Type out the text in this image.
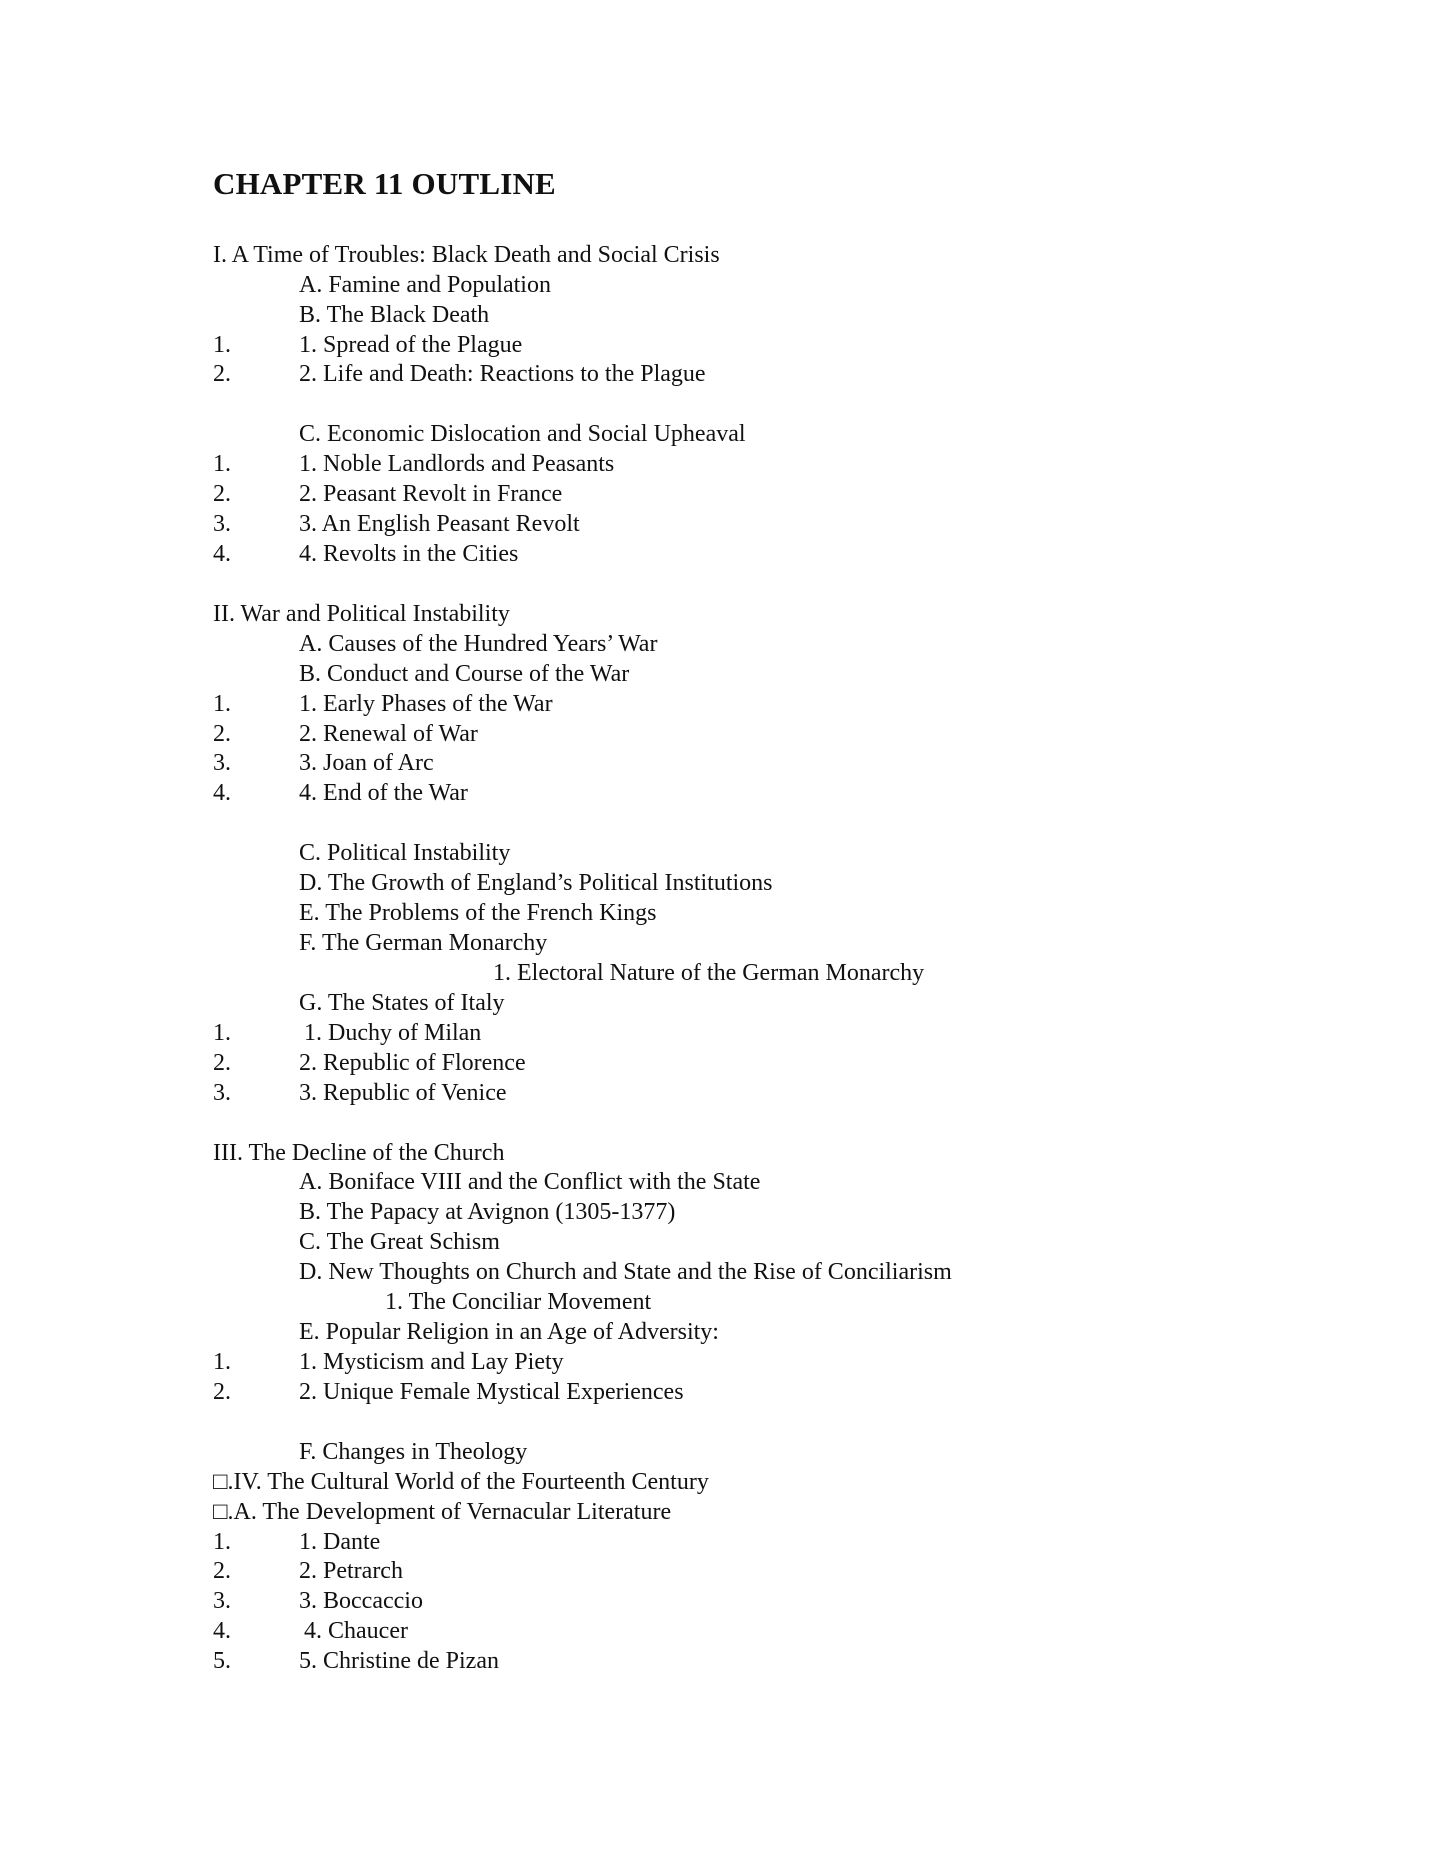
CHAPTER 11 OUTLINE
I. A Time of Troubles: Black Death and Social Crisis
A. Famine and Population
B. The Black Death
1.	1. Spread of the Plague
2.	2. Life and Death: Reactions to the Plague
C. Economic Dislocation and Social Upheaval
1.	1. Noble Landlords and Peasants
2.	2. Peasant Revolt in France
3.	3. An English Peasant Revolt
4.	4. Revolts in the Cities
II. War and Political Instability
A. Causes of the Hundred Years’ War
B. Conduct and Course of the War
1.	1. Early Phases of the War
2.	2. Renewal of War
3.	3. Joan of Arc
4.	4. End of the War
C. Political Instability
D. The Growth of England’s Political Institutions
E. The Problems of the French Kings
F. The German Monarchy
1. Electoral Nature of the German Monarchy
G. The States of Italy
1.	1. Duchy of Milan
2.	2. Republic of Florence
3.	3. Republic of Venice
III. The Decline of the Church
A. Boniface VIII and the Conflict with the State
B. The Papacy at Avignon (1305-1377)
C. The Great Schism
D. New Thoughts on Church and State and the Rise of Conciliarism
1. The Conciliar Movement
E. Popular Religion in an Age of Adversity:
1.	1. Mysticism and Lay Piety
2.	2. Unique Female Mystical Experiences
F. Changes in Theology
□.IV. The Cultural World of the Fourteenth Century
□.A. The Development of Vernacular Literature
1.	1. Dante
2.	2. Petrarch
3.	3. Boccaccio
4.	4. Chaucer
5.	5. Christine de Pizan
